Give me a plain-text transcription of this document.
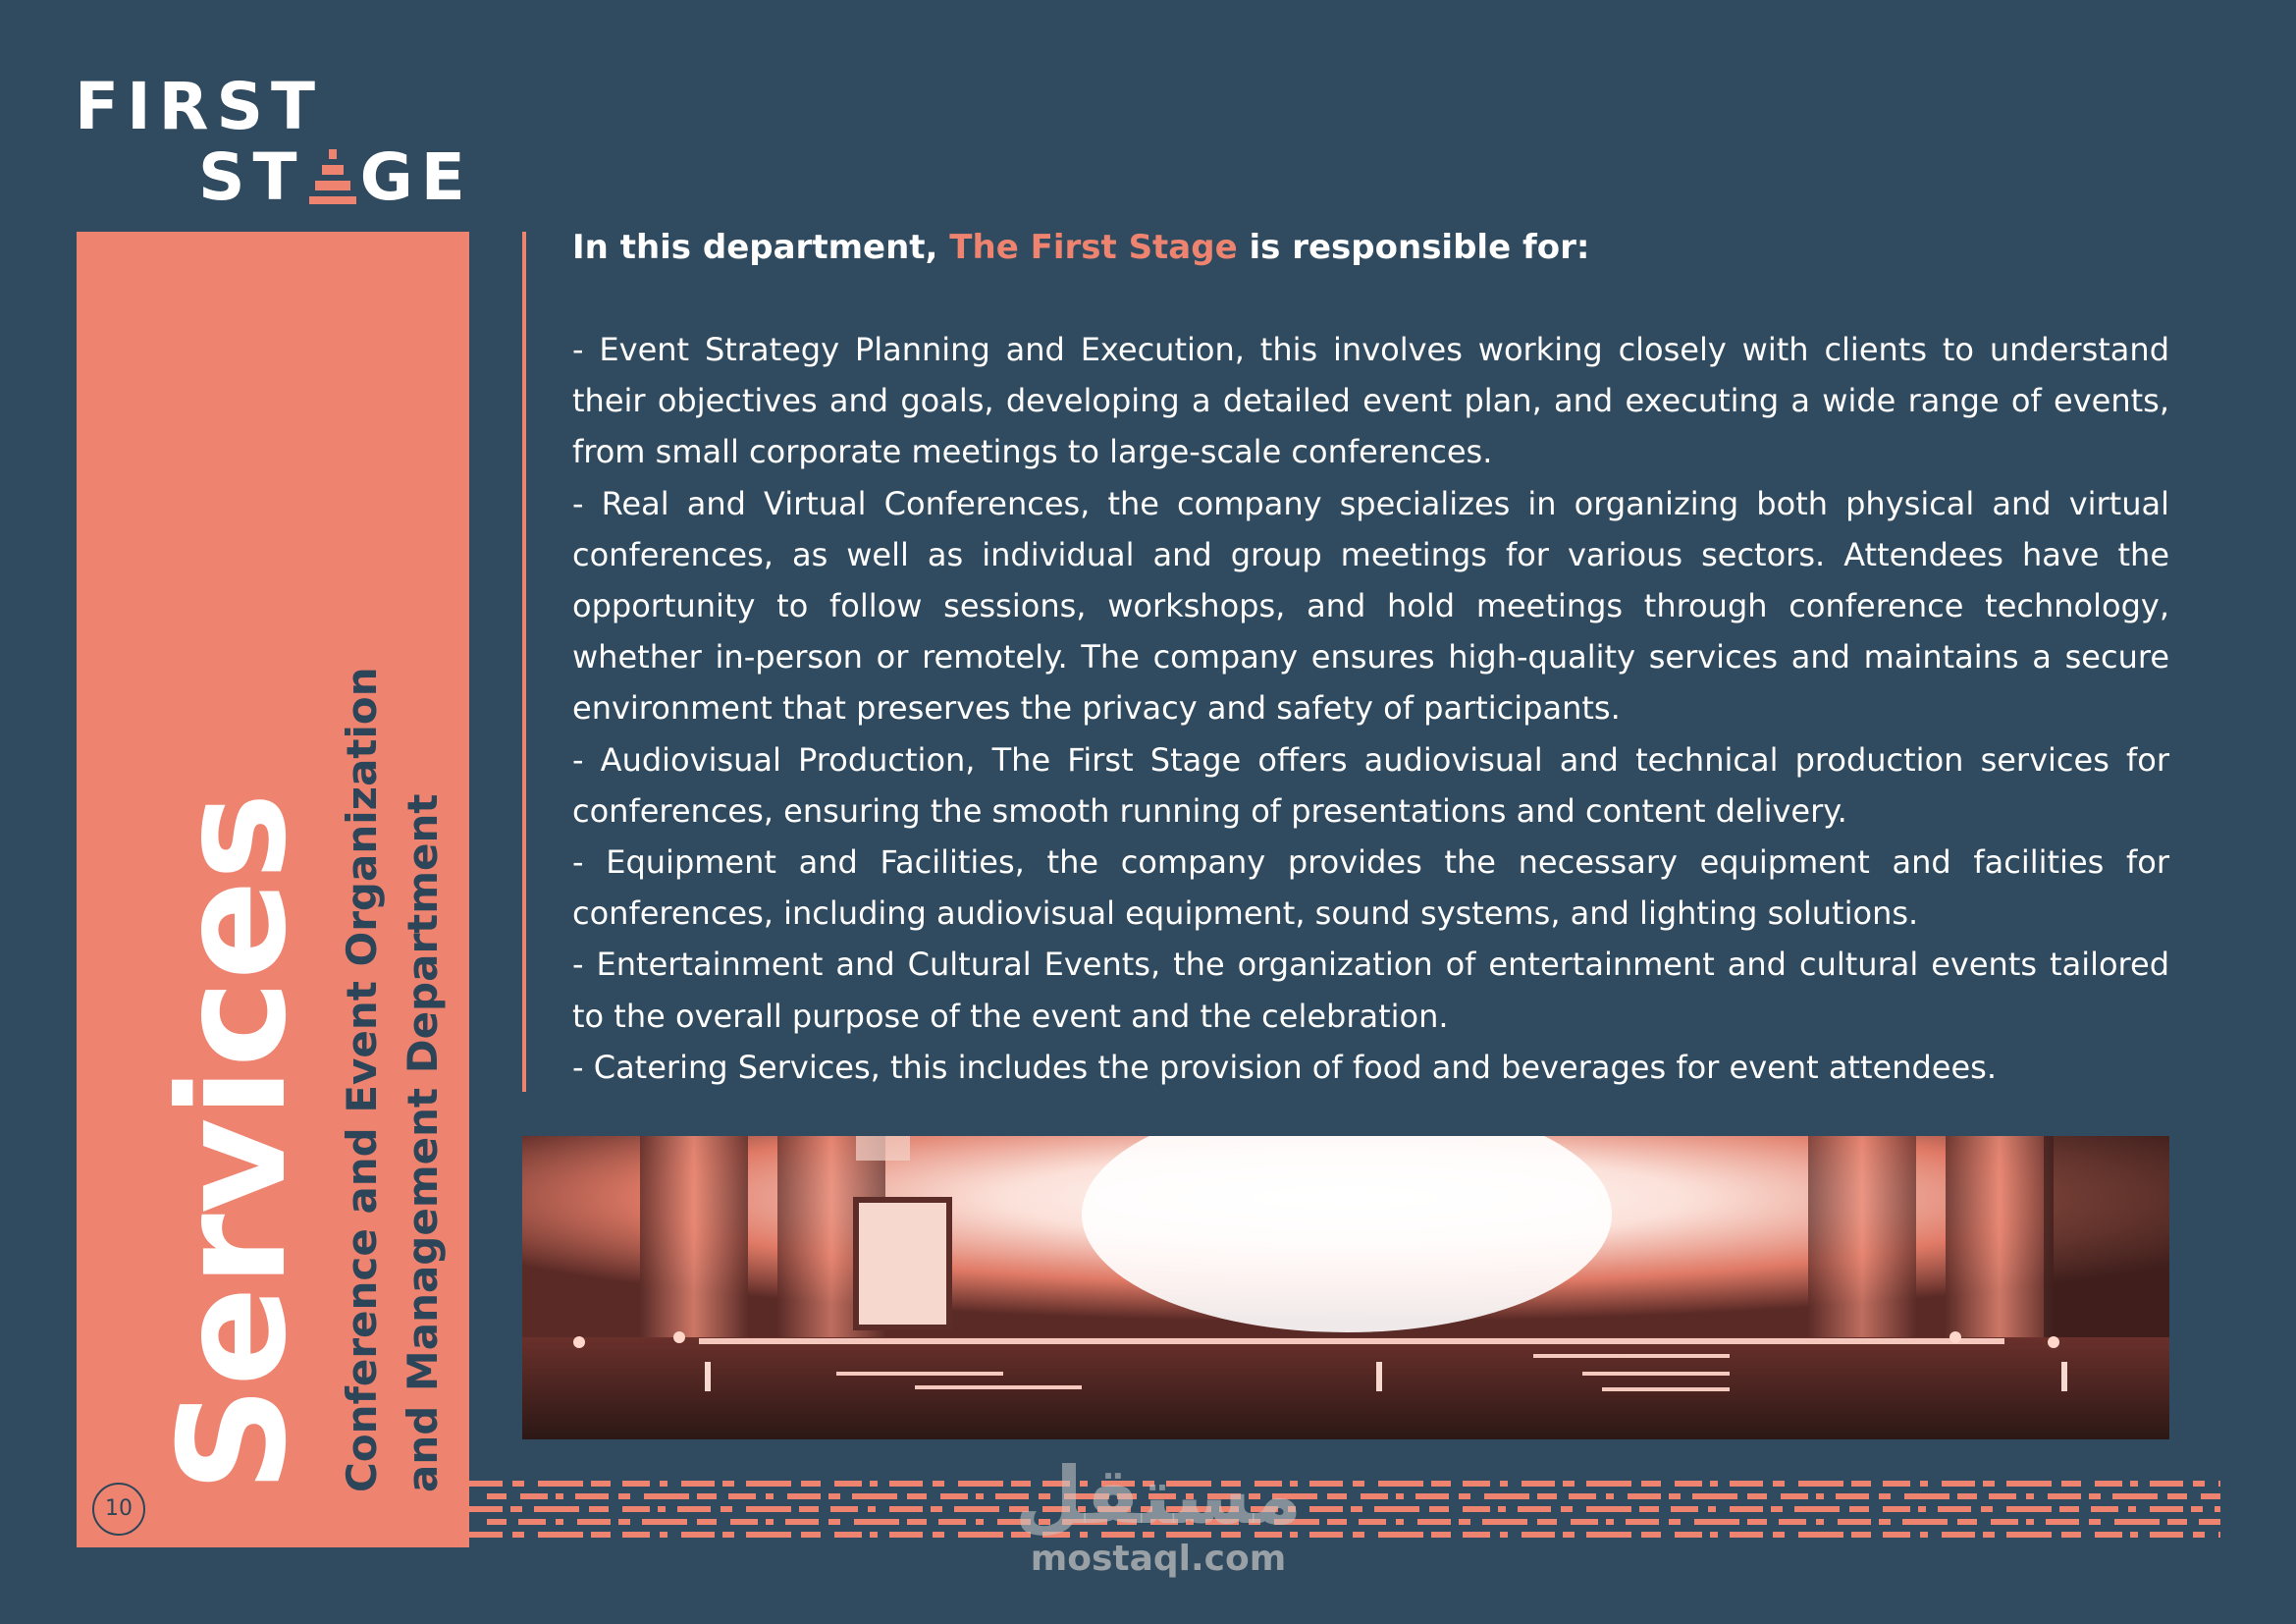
FIRST
ST GE
Services Conference and Event Organization and Management Department
10

In this department, The First Stage is responsible for:

- Event Strategy Planning and Execution, this involves working closely with clients to understand their objectives and goals, developing a detailed event plan, and executing a wide range of events, from small corporate meetings to large-scale conferences.

- Real and Virtual Conferences, the company specializes in organizing both physical and virtual conferences, as well as individual and group meetings for various sectors. Attendees have the opportunity to follow sessions, workshops, and hold meetings through conference technology, whether in-person or remotely. The company ensures high-quality services and maintains a secure environment that preserves the privacy and safety of participants.

- Audiovisual Production, The First Stage offers audiovisual and technical production services for conferences, ensuring the smooth running of presentations and content delivery.

- Equipment and Facilities, the company provides the necessary equipment and facilities for conferences, including audiovisual equipment, sound systems, and lighting solutions.

- Entertainment and Cultural Events, the organization of entertainment and cultural events tailored to the overall purpose of the event and the celebration.

- Catering Services, this includes the provision of food and beverages for event attendees.

مستقل
mostaql.com
